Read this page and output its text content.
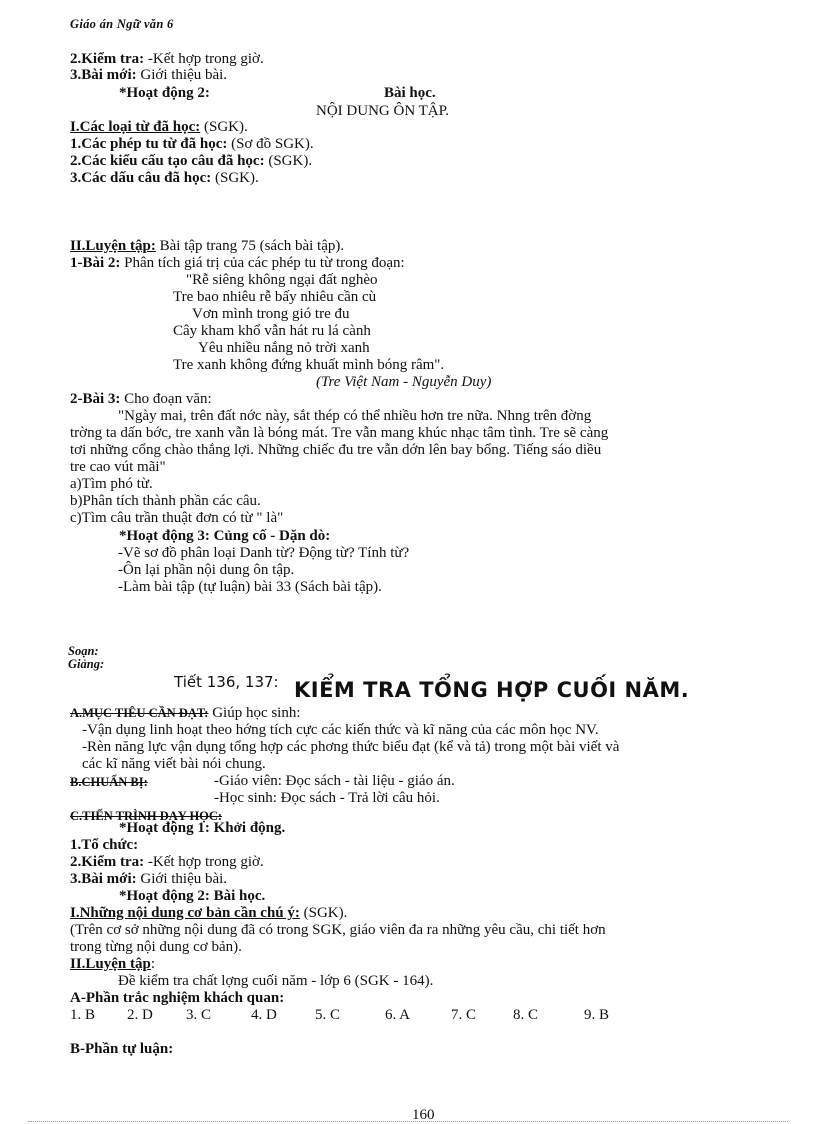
Giáo án Ngữ văn 6
2.Kiểm tra: -Kết hợp trong giờ.
3.Bài mới: Giới thiệu bài.
*Hoạt động 2:	Bài học.
NỘI DUNG ÔN TẬP.
I.Các loại từ đã học: (SGK).
1.Các phép tu từ đã học: (Sơ đồ SGK).
2.Các kiểu cấu tạo câu đã học: (SGK).
3.Các dấu câu đã học: (SGK).
II.Luyện tập: Bài tập trang 75 (sách bài tập).
1-Bài 2: Phân tích giá trị của các phép tu từ trong đoạn:
"Rễ siêng không ngại đất nghèo
Tre bao nhiêu rễ bấy nhiêu cần cù
Vơn mình trong gió tre đu
Cây kham khổ vẫn hát ru lá cành
Yêu nhiều nắng nỏ trời xanh
Tre xanh không đứng khuất mình bóng râm".
(Tre Việt Nam - Nguyễn Duy)
2-Bài 3: Cho đoạn văn:
"Ngày mai, trên đất nớc này, sắt thép có thể nhiều hơn tre nữa. Nhng trên đờng
trờng ta dấn bớc, tre xanh vẫn là bóng mát. Tre vẫn mang khúc nhạc tâm tình. Tre sẽ càng
tơi những cổng chào thắng lợi. Những chiếc đu tre vẫn dớn lên bay bổng. Tiếng sáo diều
tre cao vút mãi"
a)Tìm phó từ.
b)Phân tích thành phần các câu.
c)Tìm câu trần thuật đơn có từ " là"
*Hoạt động 3: Củng cố - Dặn dò:
-Vẽ sơ đồ phân loại Danh từ? Động từ? Tính từ?
-Ôn lại phần nội dung ôn tập.
-Làm bài tập (tự luận) bài 33 (Sách bài tập).
Soạn:
Giảng:
Tiết 136, 137: KIỂM TRA TỔNG HỢP CUỐI NĂM.
A.MỤC TIÊU CẦN ĐẠT: Giúp học sinh:
-Vận dụng linh hoạt theo hớng tích cực các kiến thức và kĩ năng của các môn học NV.
-Rèn năng lực vận dụng tổng hợp các phơng thức biểu đạt (kể và tả) trong một bài viết và
các kĩ năng viết bài nói chung.
B.CHUẨN BỊ:	-Giáo viên: Đọc sách - tài liệu - giáo án.
-Học sinh: Đọc sách - Trả lời câu hỏi.
C.TIẾN TRÌNH DẠY HỌC:
*Hoạt động 1: Khởi động.
1.Tổ chức:
2.Kiểm tra: -Kết hợp trong giờ.
3.Bài mới: Giới thiệu bài.
*Hoạt động 2: Bài học.
I.Những nội dung cơ bản cần chú ý: (SGK).
(Trên cơ sở những nội dung đã có trong SGK, giáo viên đa ra những yêu cầu, chi tiết hơn
trong từng nội dung cơ bản).
II.Luyện tập:
Đề kiểm tra chất lợng cuối năm - lớp 6 (SGK - 164).
A-Phần trắc nghiệm khách quan:
1. B 2. D 3. C	4. D	5. C	6. A	7. C 8. C	9. B
B-Phần tự luận:
160
